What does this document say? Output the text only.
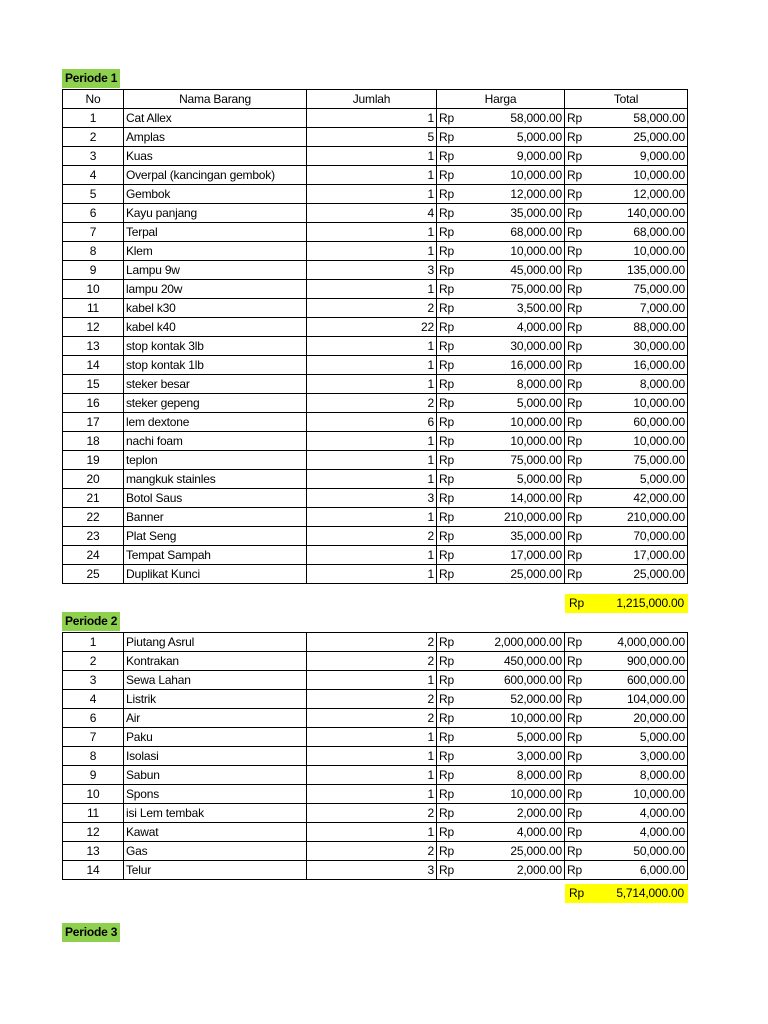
Periode 1
No	Nama Barang	Jumlah	Harga		Total	
1	Cat Allex	1	Rp	58,000.00	Rp	58,000.00
2	Amplas	5	Rp	5,000.00	Rp	25,000.00
3	Kuas	1	Rp	9,000.00	Rp	9,000.00
4	Overpal (kancingan gembok)	1	Rp	10,000.00	Rp	10,000.00
5	Gembok	1	Rp	12,000.00	Rp	12,000.00
6	Kayu panjang	4	Rp	35,000.00	Rp	140,000.00
7	Terpal	1	Rp	68,000.00	Rp	68,000.00
8	Klem	1	Rp	10,000.00	Rp	10,000.00
9	Lampu 9w	3	Rp	45,000.00	Rp	135,000.00
10	lampu 20w	1	Rp	75,000.00	Rp	75,000.00
11	kabel k30	2	Rp	3,500.00	Rp	7,000.00
12	kabel k40	22	Rp	4,000.00	Rp	88,000.00
13	stop kontak 3lb	1	Rp	30,000.00	Rp	30,000.00
14	stop kontak 1lb	1	Rp	16,000.00	Rp	16,000.00
15	steker besar	1	Rp	8,000.00	Rp	8,000.00
16	steker gepeng	2	Rp	5,000.00	Rp	10,000.00
17	lem dextone	6	Rp	10,000.00	Rp	60,000.00
18	nachi foam	1	Rp	10,000.00	Rp	10,000.00
19	teplon	1	Rp	75,000.00	Rp	75,000.00
20	mangkuk stainles	1	Rp	5,000.00	Rp	5,000.00
21	Botol Saus	3	Rp	14,000.00	Rp	42,000.00
22	Banner	1	Rp	210,000.00	Rp	210,000.00
23	Plat Seng	2	Rp	35,000.00	Rp	70,000.00
24	Tempat Sampah	1	Rp	17,000.00	Rp	17,000.00
25	Duplikat Kunci	1	Rp	25,000.00	Rp	25,000.00
Rp	1,215,000.00
Periode 2
1	Piutang Asrul	2	Rp	2,000,000.00	Rp	4,000,000.00
2	Kontrakan	2	Rp	450,000.00	Rp	900,000.00
3	Sewa Lahan	1	Rp	600,000.00	Rp	600,000.00
4	Listrik	2	Rp	52,000.00	Rp	104,000.00
6	Air	2	Rp	10,000.00	Rp	20,000.00
7	Paku	1	Rp	5,000.00	Rp	5,000.00
8	Isolasi	1	Rp	3,000.00	Rp	3,000.00
9	Sabun	1	Rp	8,000.00	Rp	8,000.00
10	Spons	1	Rp	10,000.00	Rp	10,000.00
11	isi Lem tembak	2	Rp	2,000.00	Rp	4,000.00
12	Kawat	1	Rp	4,000.00	Rp	4,000.00
13	Gas	2	Rp	25,000.00	Rp	50,000.00
14	Telur	3	Rp	2,000.00	Rp	6,000.00
Rp	5,714,000.00
Periode 3
